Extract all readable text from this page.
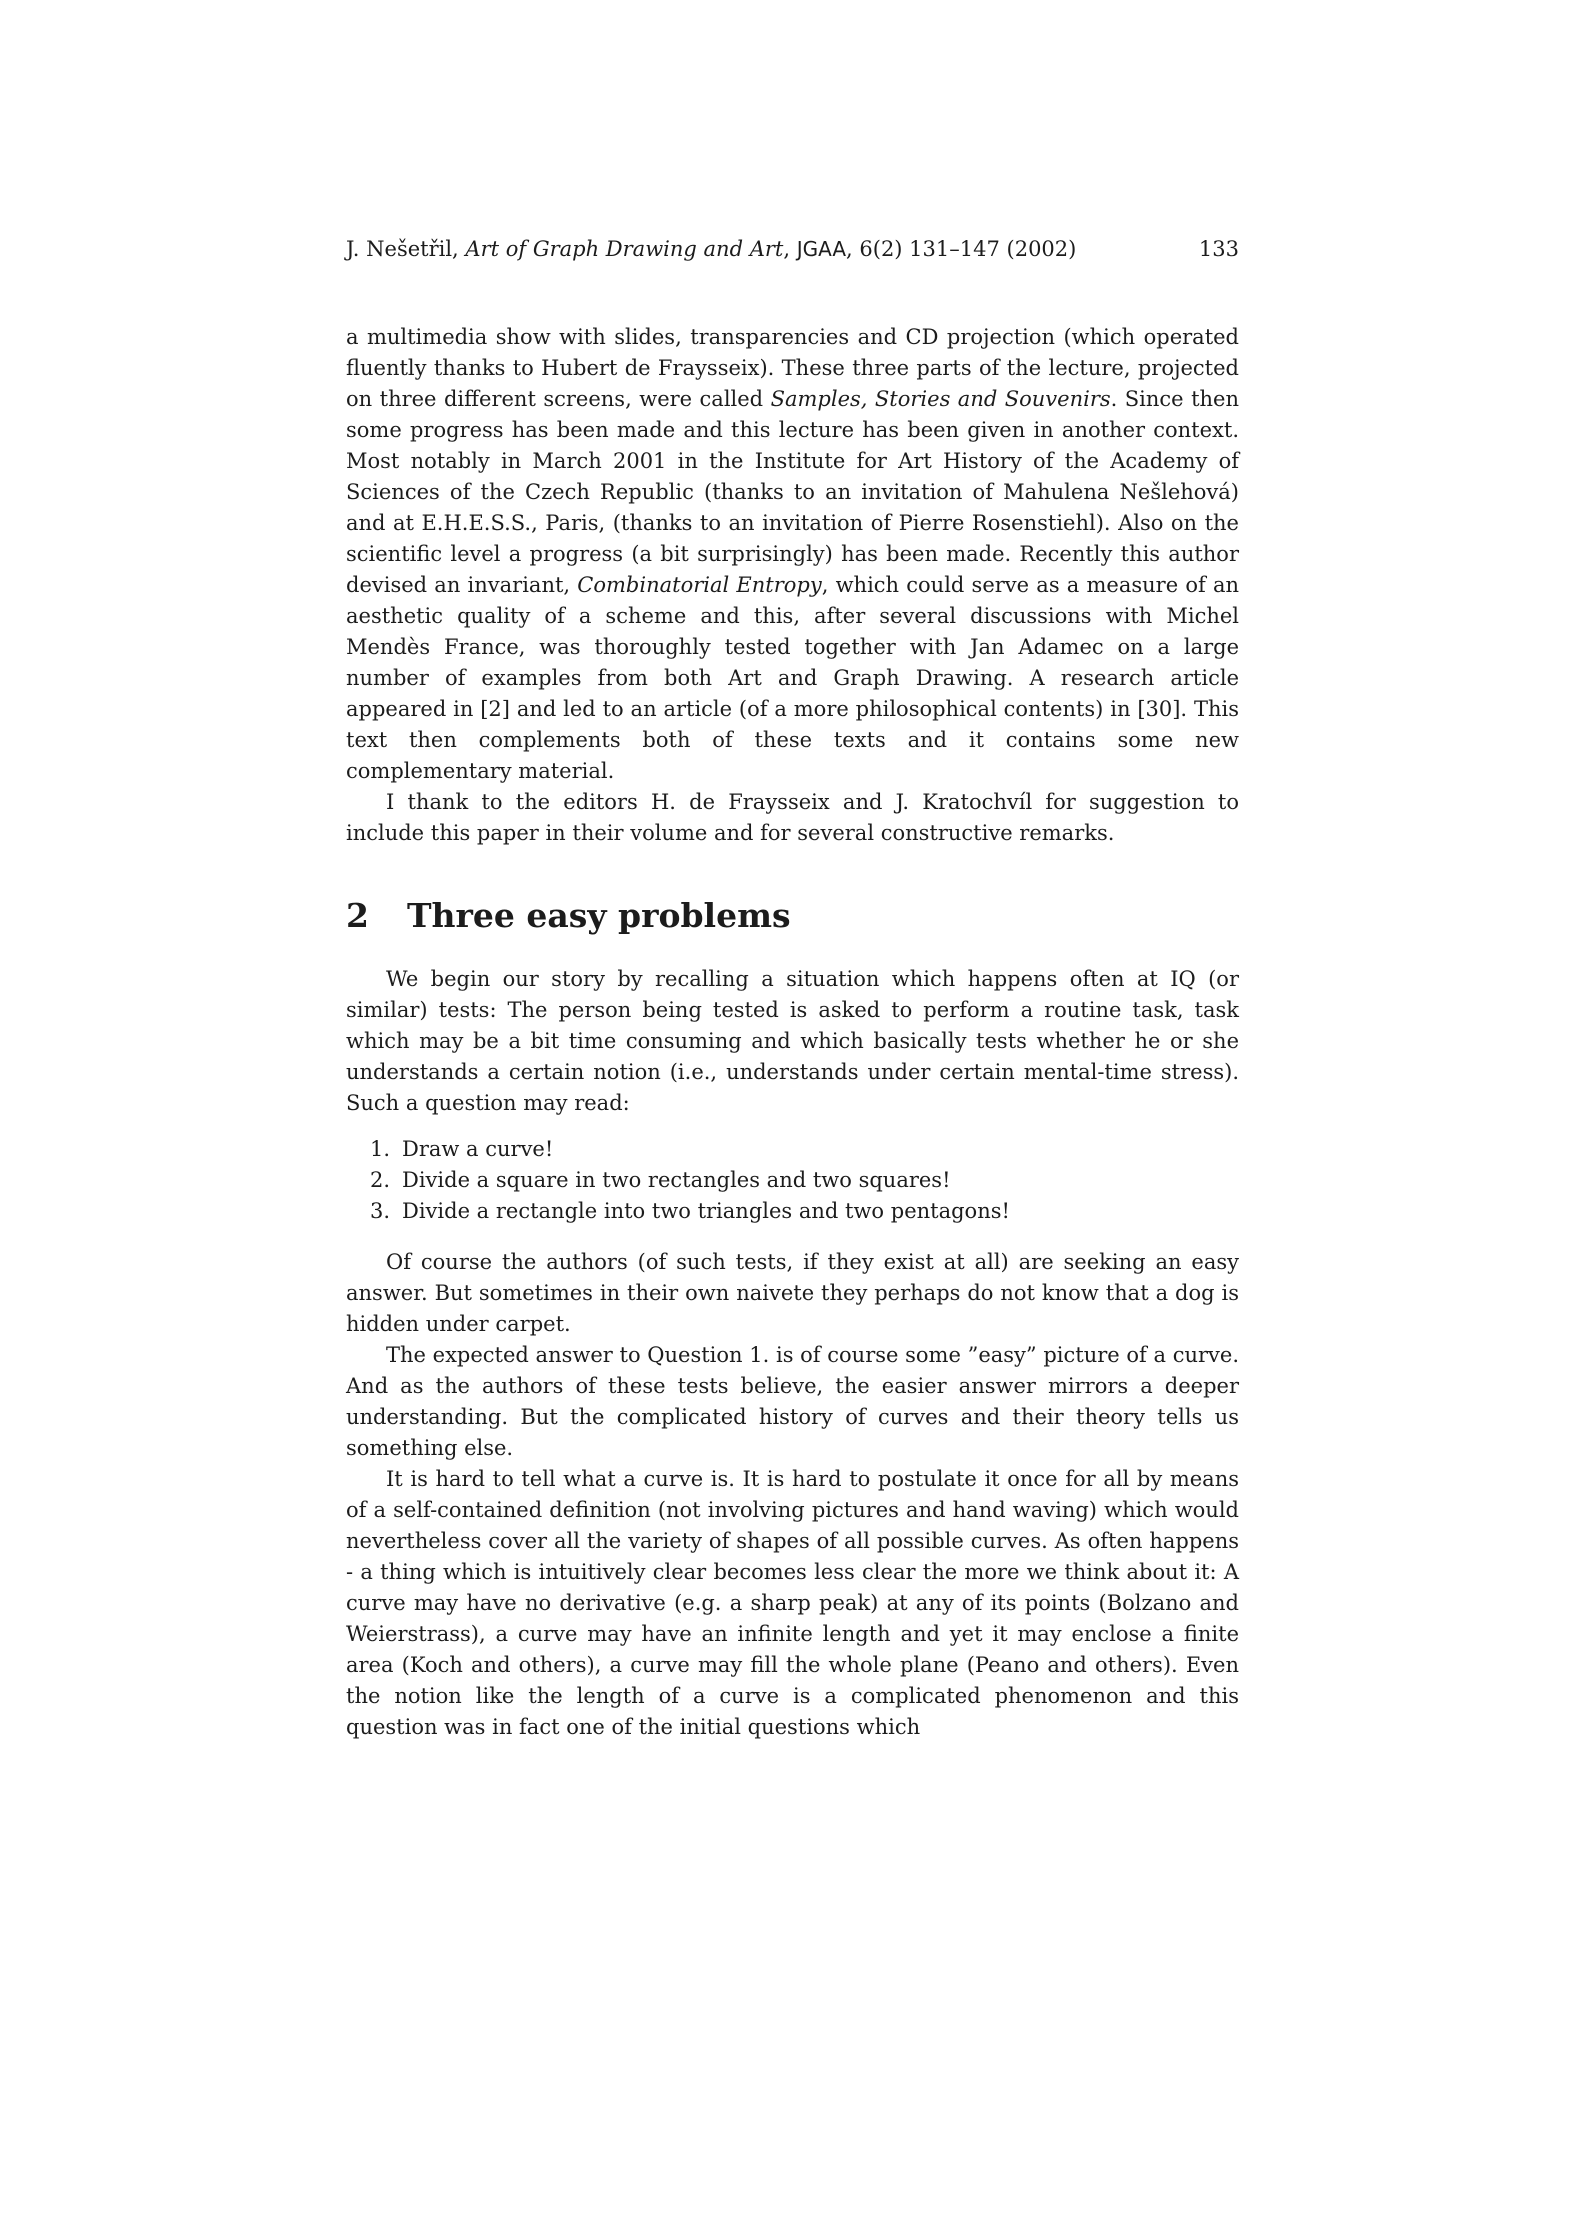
J. Nešetřil, Art of Graph Drawing and Art, JGAA, 6(2) 131–147 (2002)	133

a multimedia show with slides, transparencies and CD projection (which operated fluently thanks to Hubert de Fraysseix). These three parts of the lecture, projected on three different screens, were called Samples, Stories and Souvenirs. Since then some progress has been made and this lecture has been given in another context. Most notably in March 2001 in the Institute for Art History of the Academy of Sciences of the Czech Republic (thanks to an invitation of Mahulena Nešlehová) and at E.H.E.S.S., Paris, (thanks to an invitation of Pierre Rosenstiehl). Also on the scientific level a progress (a bit surprisingly) has been made. Recently this author devised an invariant, Combinatorial Entropy, which could serve as a measure of an aesthetic quality of a scheme and this, after several discussions with Michel Mendès France, was thoroughly tested together with Jan Adamec on a large number of examples from both Art and Graph Drawing. A research article appeared in [2] and led to an article (of a more philosophical contents) in [30]. This text then complements both of these texts and it contains some new complementary material.

I thank to the editors H. de Fraysseix and J. Kratochvíl for suggestion to include this paper in their volume and for several constructive remarks.

2 Three easy problems

We begin our story by recalling a situation which happens often at IQ (or similar) tests: The person being tested is asked to perform a routine task, task which may be a bit time consuming and which basically tests whether he or she understands a certain notion (i.e., understands under certain mental-time stress). Such a question may read:

1. Draw a curve!
2. Divide a square in two rectangles and two squares!
3. Divide a rectangle into two triangles and two pentagons!

Of course the authors (of such tests, if they exist at all) are seeking an easy answer. But sometimes in their own naivete they perhaps do not know that a dog is hidden under carpet.

The expected answer to Question 1. is of course some ”easy” picture of a curve. And as the authors of these tests believe, the easier answer mirrors a deeper understanding. But the complicated history of curves and their theory tells us something else.

It is hard to tell what a curve is. It is hard to postulate it once for all by means of a self-contained definition (not involving pictures and hand waving) which would nevertheless cover all the variety of shapes of all possible curves. As often happens - a thing which is intuitively clear becomes less clear the more we think about it: A curve may have no derivative (e.g. a sharp peak) at any of its points (Bolzano and Weierstrass), a curve may have an infinite length and yet it may enclose a finite area (Koch and others), a curve may fill the whole plane (Peano and others). Even the notion like the length of a curve is a complicated phenomenon and this question was in fact one of the initial questions which
